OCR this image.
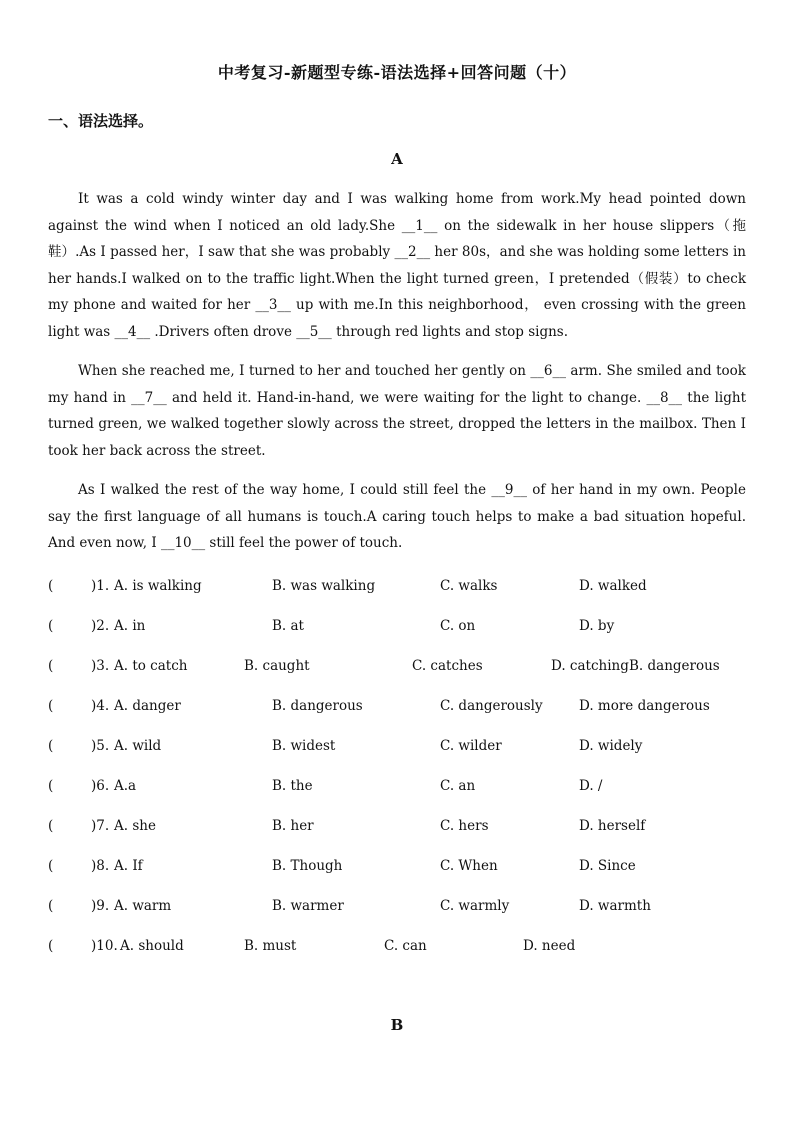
中考复习-新题型专练-语法选择+回答问题（十）
一、语法选择。
A

It was a cold windy winter day and I was walking home from work.My head pointed down against the wind when I noticed an old lady.She __1__ on the sidewalk in her house slippers（拖鞋）.As I passed her，I saw that she was probably __2__ her 80s，and she was holding some letters in her hands.I walked on to the traffic light.When the light turned green，I pretended（假装）to check my phone and waited for her __3__ up with me.In this neighborhood， even crossing with the green light was __4__ .Drivers often drove __5__ through red lights and stop signs.

When she reached me, I turned to her and touched her gently on __6__ arm. She smiled and took my hand in __7__ and held it. Hand-in-hand, we were waiting for the light to change. __8__ the light turned green, we walked together slowly across the street, dropped the letters in the mailbox. Then I took her back across the street.

As I walked the rest of the way home, I could still feel the __9__ of her hand in my own. People say the first language of all humans is touch.A caring touch helps to make a bad situation hopeful. And even now, I __10__ still feel the power of touch.

(	)1. A. is walking	B. was walking	C. walks	D. walked
(	)2. A. in	B. at	C. on	D. by
(	)3. A. to catch	B. caught	C. catches	D. catching B. dangerous
(	)4. A. danger	B. dangerous	C. dangerously	D. more dangerous
(	)5. A. wild	B. widest	C. wilder	D. widely
(	)6. A.a	B. the	C. an	D. /
(	)7. A. she	B. her	C. hers	D. herself
(	)8. A. If	B. Though	C. When	D. Since
(	)9. A. warm	B. warmer	C. warmly	D. warmth
(	)10. A. should	B. must	C. can	D. need
B
